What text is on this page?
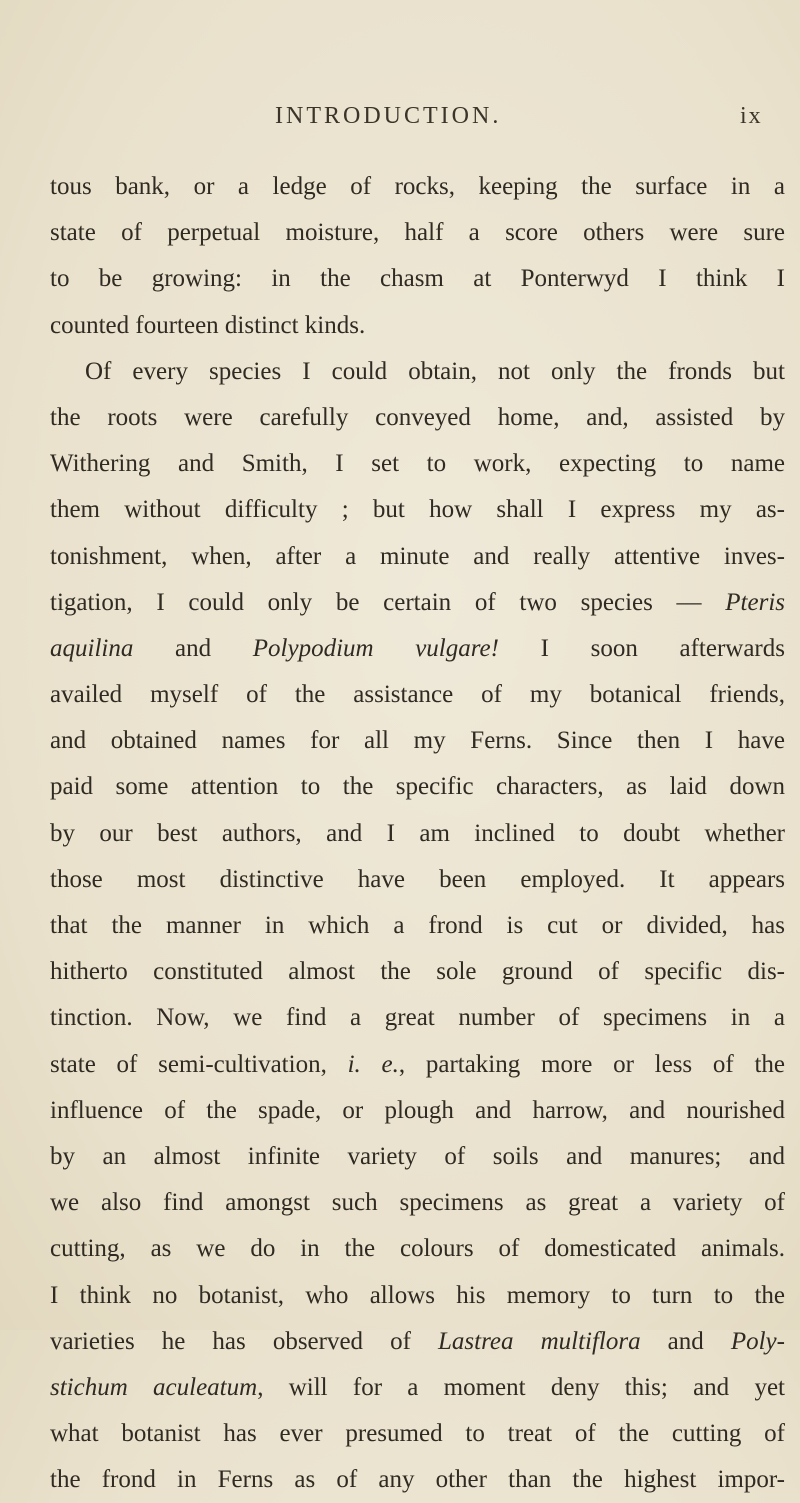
INTRODUCTION.	ix
tous bank, or a ledge of rocks, keeping the surface in a
state of perpetual moisture, half a score others were sure
to be growing: in the chasm at Ponterwyd I think I
counted fourteen distinct kinds.
Of every species I could obtain, not only the fronds but
the roots were carefully conveyed home, and, assisted by
Withering and Smith, I set to work, expecting to name
them without difficulty ; but how shall I express my as-
tonishment, when, after a minute and really attentive inves-
tigation, I could only be certain of two species — Pteris
aquilina and Polypodium vulgare! I soon afterwards
availed myself of the assistance of my botanical friends,
and obtained names for all my Ferns. Since then I have
paid some attention to the specific characters, as laid down
by our best authors, and I am inclined to doubt whether
those most distinctive have been employed. It appears
that the manner in which a frond is cut or divided, has
hitherto constituted almost the sole ground of specific dis-
tinction. Now, we find a great number of specimens in a
state of semi-cultivation, i. e., partaking more or less of the
influence of the spade, or plough and harrow, and nourished
by an almost infinite variety of soils and manures; and
we also find amongst such specimens as great a variety of
cutting, as we do in the colours of domesticated animals.
I think no botanist, who allows his memory to turn to the
varieties he has observed of Lastrea multiflora and Poly-
stichum aculeatum, will for a moment deny this; and yet
what botanist has ever presumed to treat of the cutting of
the frond in Ferns as of any other than the highest impor-
